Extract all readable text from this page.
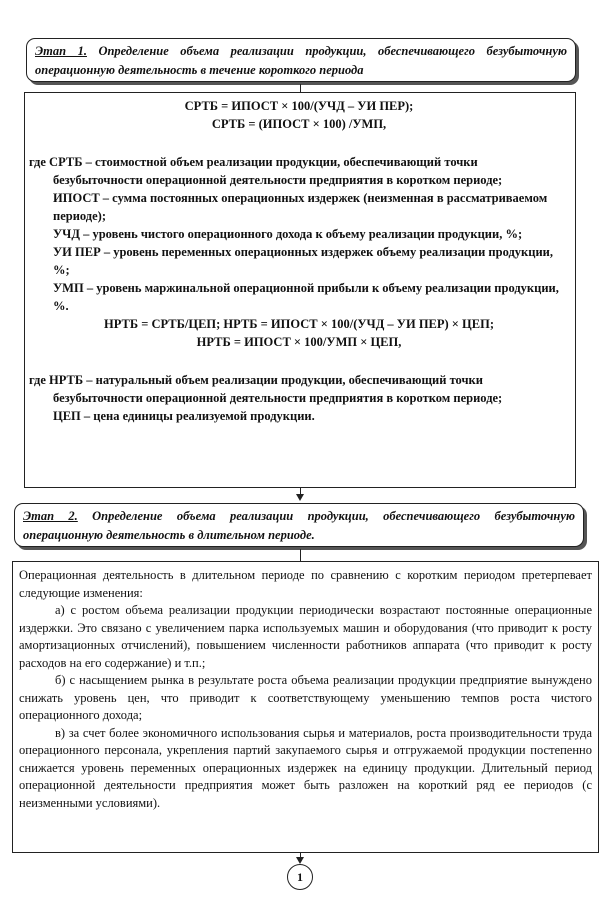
Этап 1. Определение объема реализации продукции, обеспечивающего безубыточную операционную деятельность в течение короткого периода

СРТБ = ИПОСТ × 100/(УЧД – УИ ПЕР);

СРТБ = (ИПОСТ × 100) /УМП,

где СРТБ – стоимостной объем реализации продукции, обеспечивающий точки

безубыточности операционной деятельности предприятия в коротком периоде;

ИПОСТ – сумма постоянных операционных издержек (неизменная в рассматриваемом периоде);

УЧД – уровень чистого операционного дохода к объему реализации продукции, %;

УИ ПЕР – уровень переменных операционных издержек объему реализации продукции, %;

УМП – уровень маржинальной операционной прибыли к объему реализации продукции, %.

НРТБ = СРТБ/ЦЕП; НРТБ = ИПОСТ × 100/(УЧД – УИ ПЕР) × ЦЕП;

НРТБ = ИПОСТ × 100/УМП × ЦЕП,

где НРТБ – натуральный объем реализации продукции, обеспечивающий точки

безубыточности операционной деятельности предприятия в коротком периоде;

ЦЕП – цена единицы реализуемой продукции.

Этап 2. Определение объема реализации продукции, обеспечивающего безубыточную операционную деятельность в длительном периоде.

Операционная деятельность в длительном периоде по сравнению с коротким периодом претерпевает следующие изменения:

а) с ростом объема реализации продукции периодически возрастают постоянные операционные издержки. Это связано с увеличением парка используемых машин и оборудования (что приводит к росту амортизационных отчислений), повышением численности работников аппарата (что приводит к росту расходов на его содержание) и т.п.;

б) с насыщением рынка в результате роста объема реализации продукции предприятие вынуждено снижать уровень цен, что приводит к соответствующему уменьшению темпов роста чистого операционного дохода;

в) за счет более экономичного использования сырья и материалов, роста производительности труда операционного персонала, укрепления партий закупаемого сырья и отгружаемой продукции постепенно снижается уровень переменных операционных издержек на единицу продукции. Длительный период операционной деятельности предприятия может быть разложен на короткий ряд ее периодов (с неизменными условиями).

1
